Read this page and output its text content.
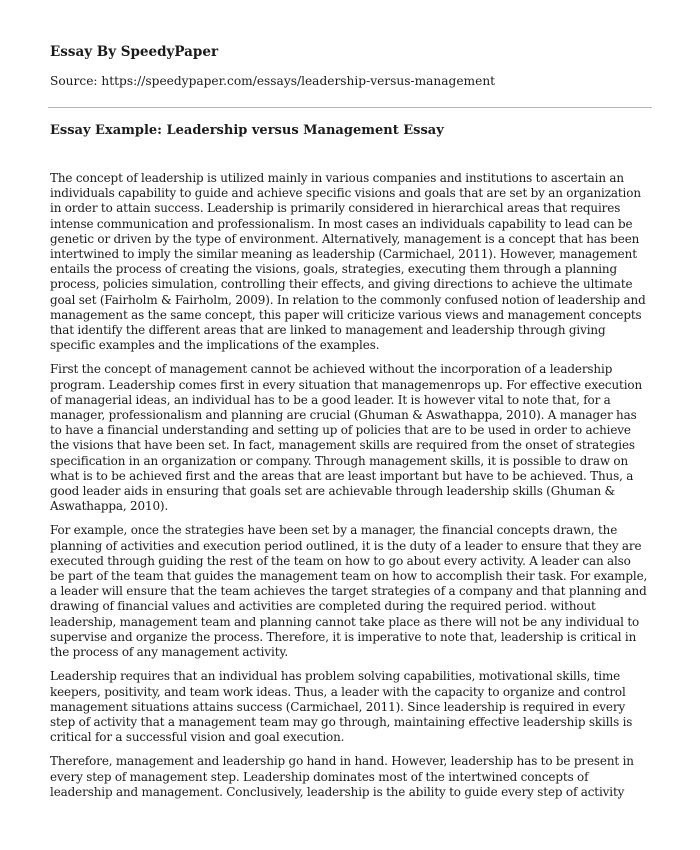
Essay By SpeedyPaper

Source: https://speedypaper.com/essays/leadership-versus-management

Essay Example: Leadership versus Management Essay

The concept of leadership is utilized mainly in various companies and institutions to ascertain an
individuals capability to guide and achieve specific visions and goals that are set by an organization
in order to attain success. Leadership is primarily considered in hierarchical areas that requires
intense communication and professionalism. In most cases an individuals capability to lead can be
genetic or driven by the type of environment. Alternatively, management is a concept that has been
intertwined to imply the similar meaning as leadership (Carmichael, 2011). However, management
entails the process of creating the visions, goals, strategies, executing them through a planning
process, policies simulation, controlling their effects, and giving directions to achieve the ultimate
goal set (Fairholm & Fairholm, 2009). In relation to the commonly confused notion of leadership and
management as the same concept, this paper will criticize various views and management concepts
that identify the different areas that are linked to management and leadership through giving
specific examples and the implications of the examples.

First the concept of management cannot be achieved without the incorporation of a leadership
program. Leadership comes first in every situation that managemenrops up. For effective execution
of managerial ideas, an individual has to be a good leader. It is however vital to note that, for a
manager, professionalism and planning are crucial (Ghuman & Aswathappa, 2010). A manager has
to have a financial understanding and setting up of policies that are to be used in order to achieve
the visions that have been set. In fact, management skills are required from the onset of strategies
specification in an organization or company. Through management skills, it is possible to draw on
what is to be achieved first and the areas that are least important but have to be achieved. Thus, a
good leader aids in ensuring that goals set are achievable through leadership skills (Ghuman &
Aswathappa, 2010).

For example, once the strategies have been set by a manager, the financial concepts drawn, the
planning of activities and execution period outlined, it is the duty of a leader to ensure that they are
executed through guiding the rest of the team on how to go about every activity. A leader can also
be part of the team that guides the management team on how to accomplish their task. For example,
a leader will ensure that the team achieves the target strategies of a company and that planning and
drawing of financial values and activities are completed during the required period. without
leadership, management team and planning cannot take place as there will not be any individual to
supervise and organize the process. Therefore, it is imperative to note that, leadership is critical in
the process of any management activity.

Leadership requires that an individual has problem solving capabilities, motivational skills, time
keepers, positivity, and team work ideas. Thus, a leader with the capacity to organize and control
management situations attains success (Carmichael, 2011). Since leadership is required in every
step of activity that a management team may go through, maintaining effective leadership skills is
critical for a successful vision and goal execution.

Therefore, management and leadership go hand in hand. However, leadership has to be present in
every step of management step. Leadership dominates most of the intertwined concepts of
leadership and management. Conclusively, leadership is the ability to guide every step of activity
